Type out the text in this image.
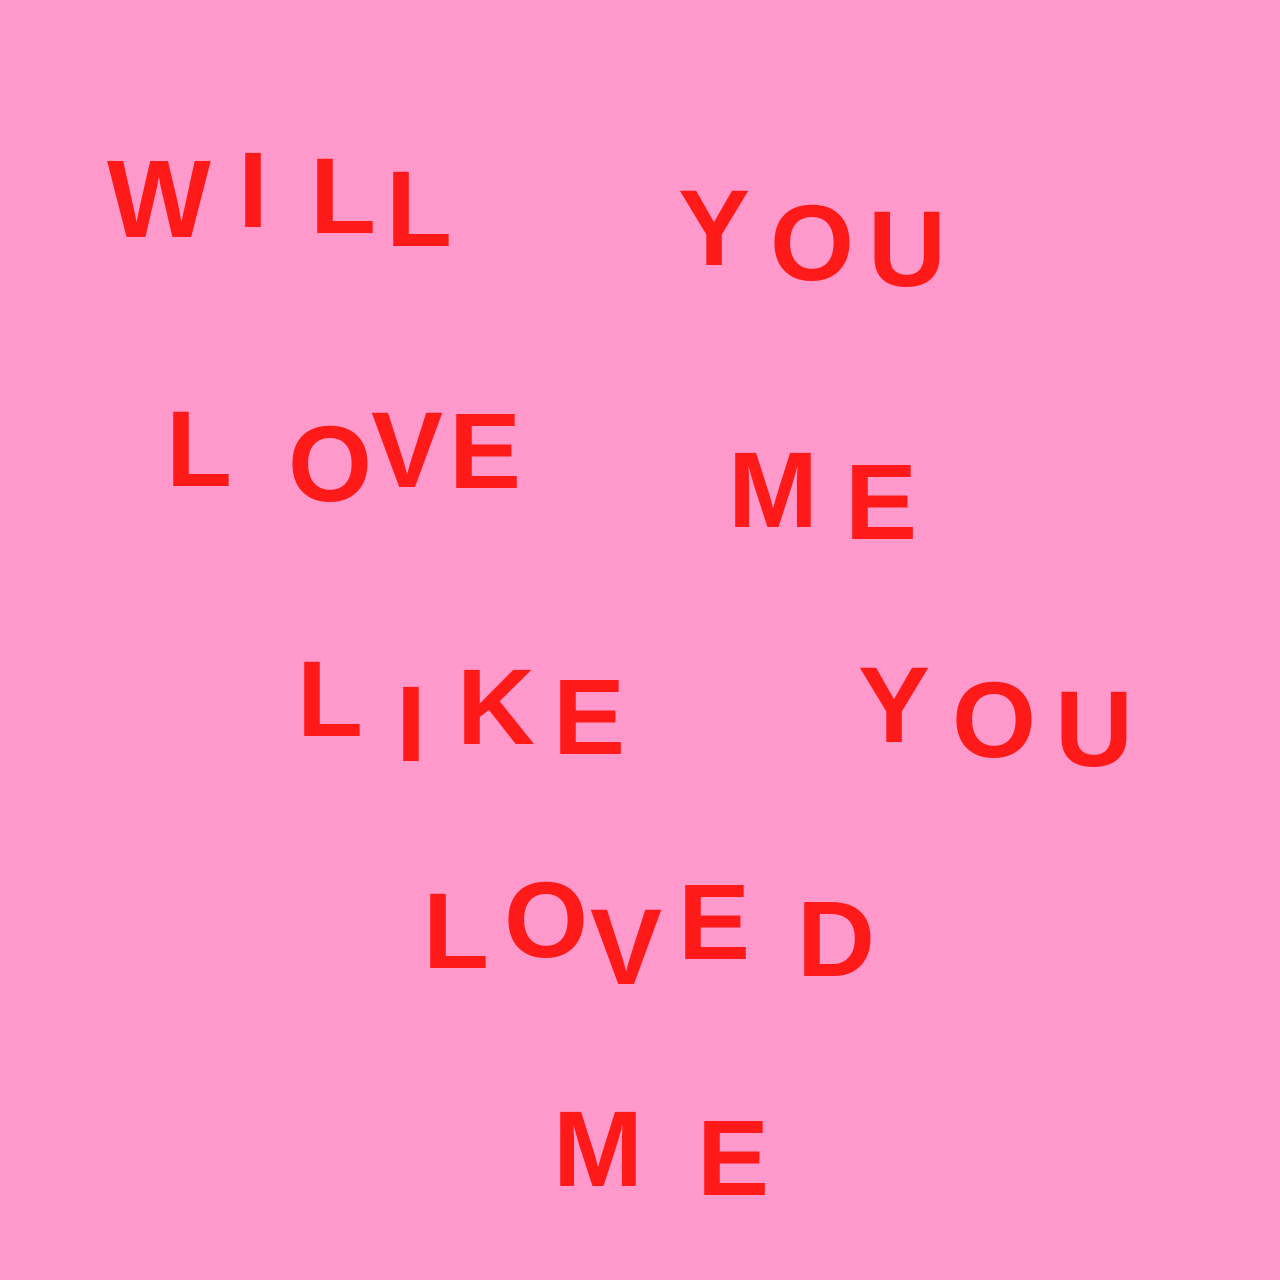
W I L L Y O U
L O
V E M E
L I K E Y O U
L O V E D
M E
